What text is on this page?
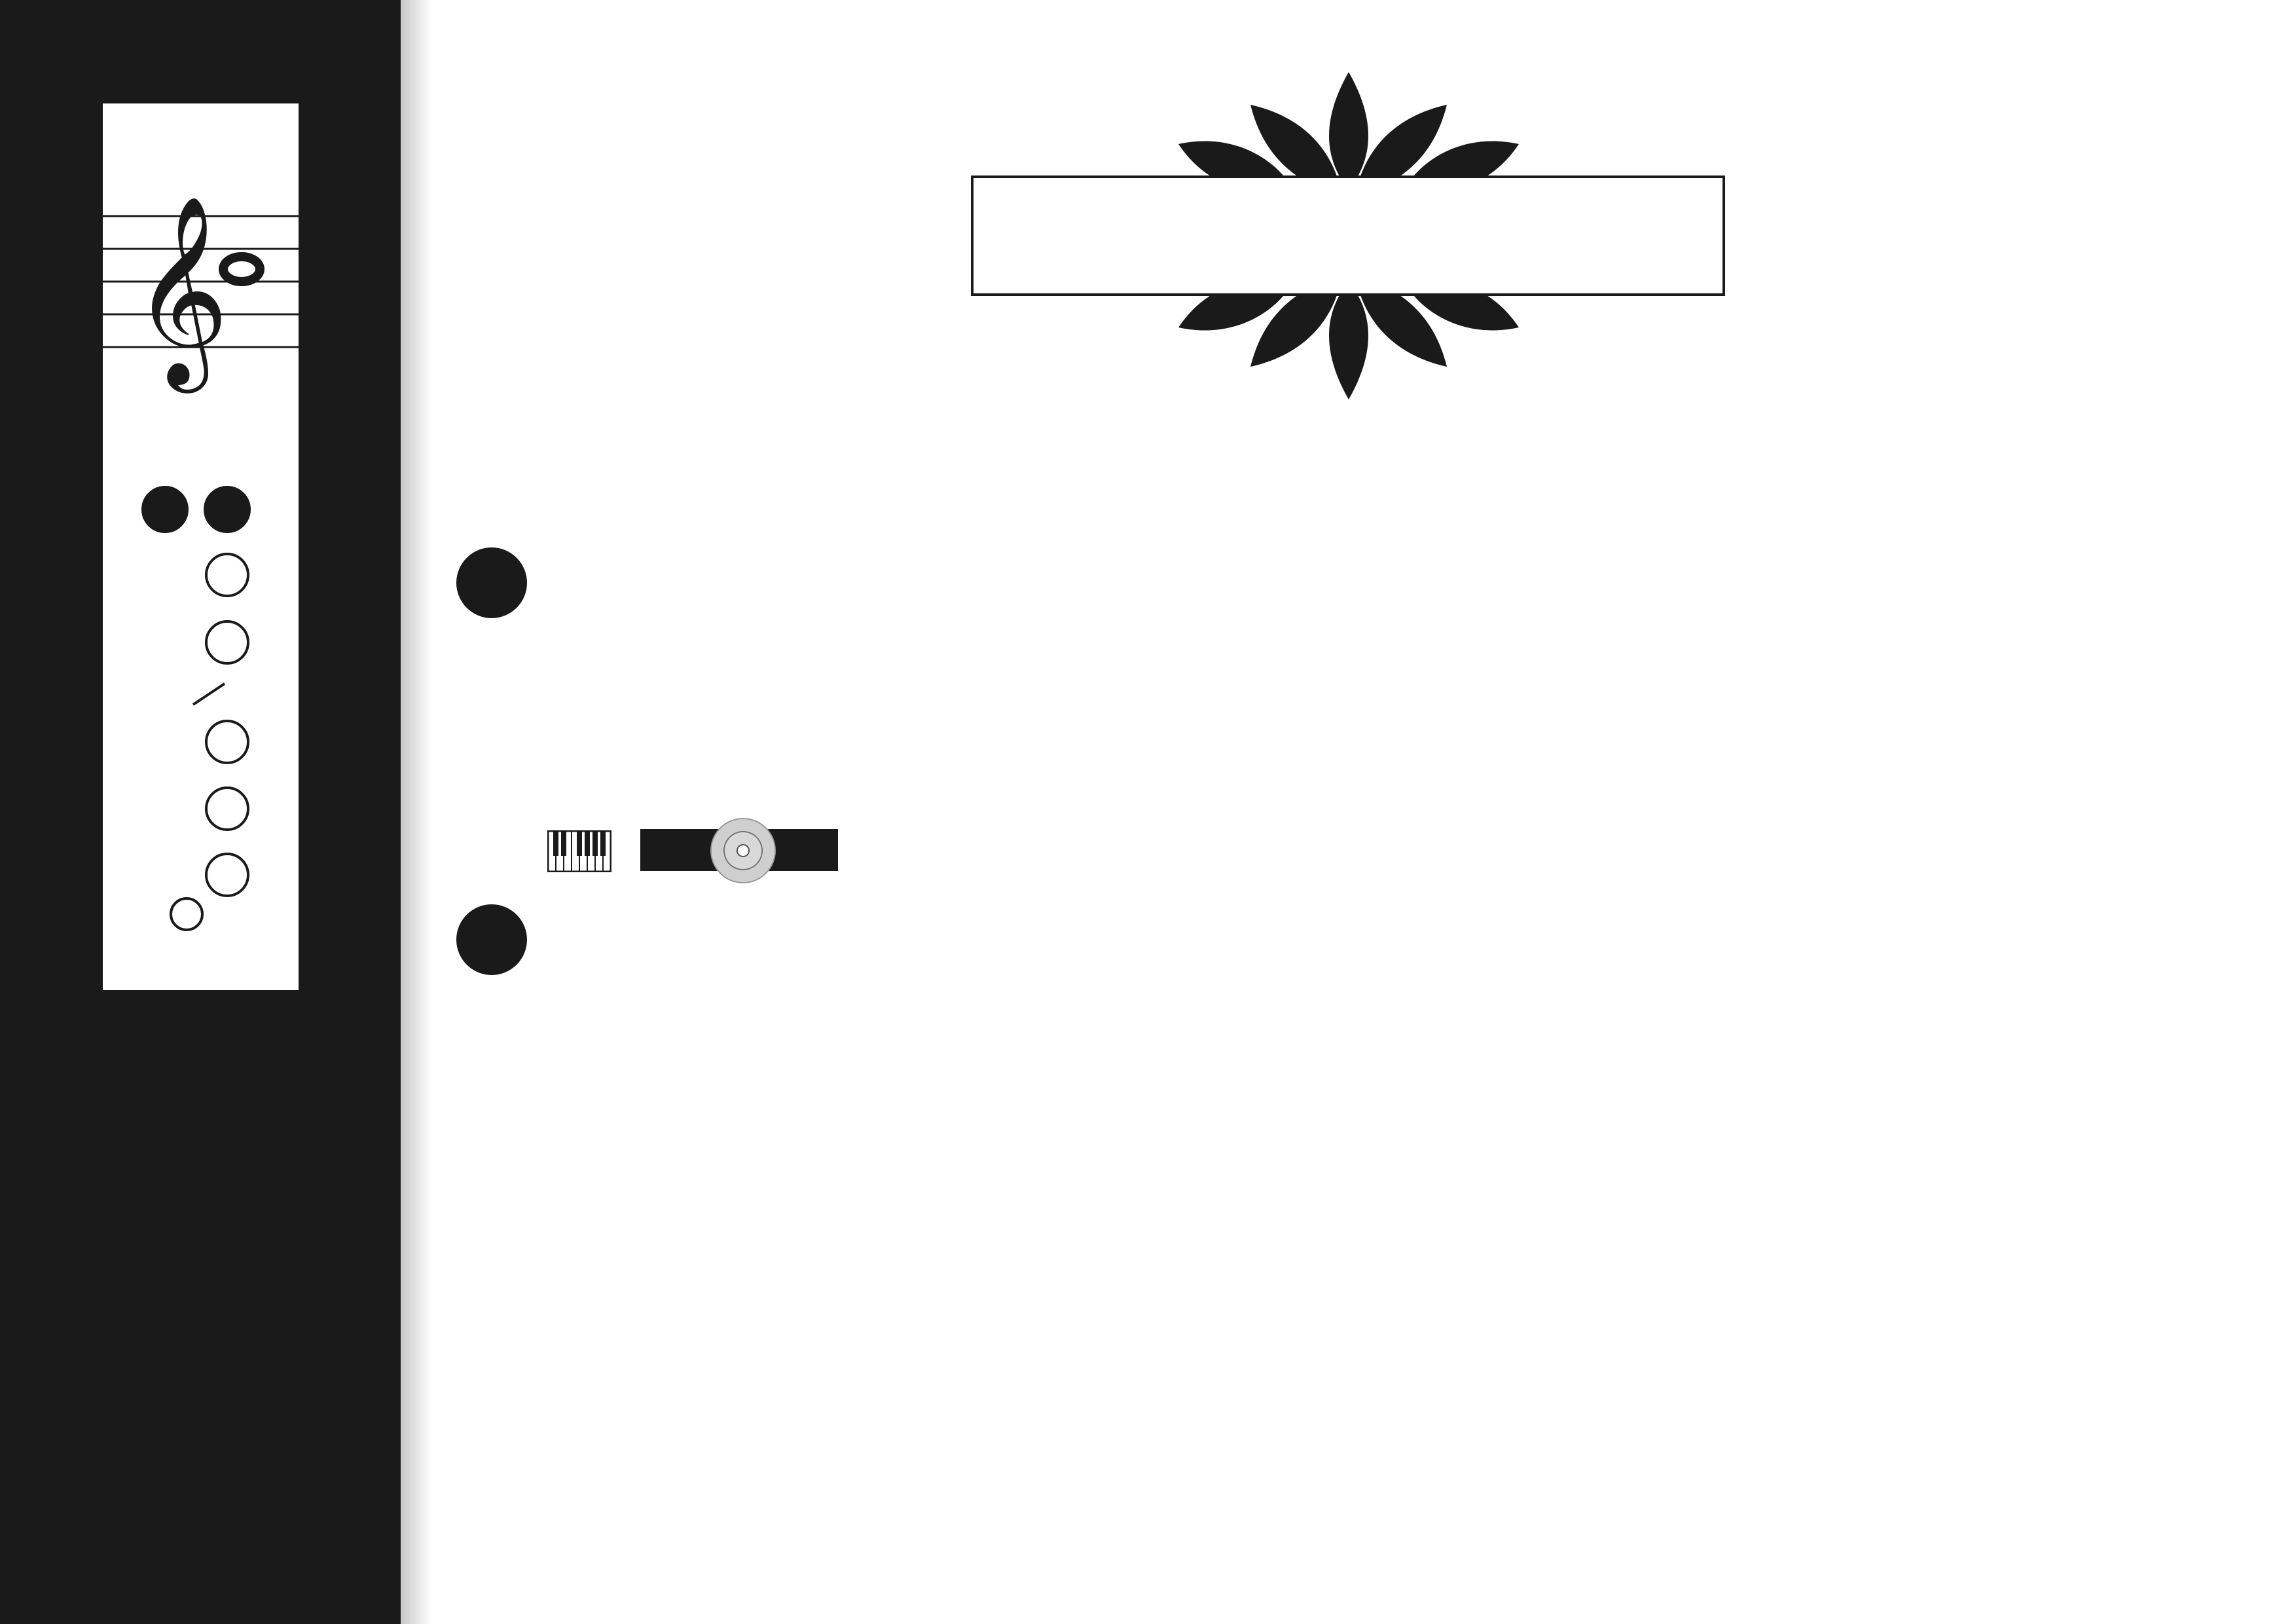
𝄞
